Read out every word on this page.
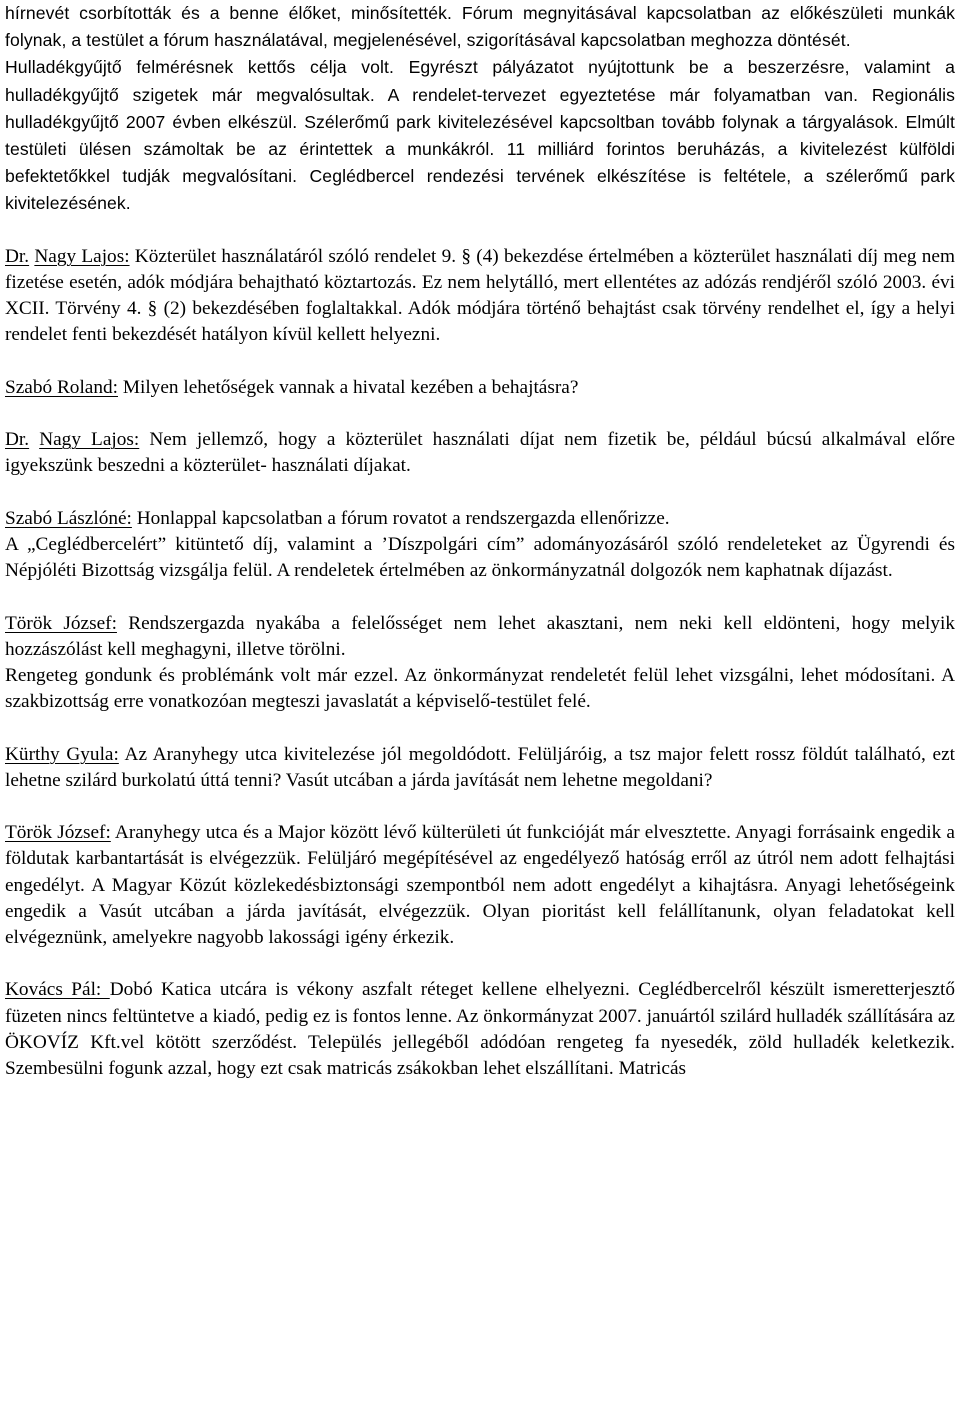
hírnevét csorbították és a benne élőket, minősítették. Fórum megnyitásával kapcsolatban az előkészületi munkák folynak, a testület a fórum használatával, megjelenésével, szigorításával kapcsolatban meghozza döntését.

Hulladékgyűjtő felmérésnek kettős célja volt. Egyrészt pályázatot nyújtottunk be a beszerzésre, valamint a hulladékgyűjtő szigetek már megvalósultak. A rendelet-tervezet egyeztetése már folyamatban van. Regionális hulladékgyűjtő 2007 évben elkészül. Szélerőmű park kivitelezésével kapcsoltban tovább folynak a tárgyalások. Elmúlt testületi ülésen számoltak be az érintettek a munkákról. 11 milliárd forintos beruházás, a kivitelezést külföldi befektetőkkel tudják megvalósítani. Ceglédbercel rendezési tervének elkészítése is feltétele, a szélerőmű park kivitelezésének.

Dr. Nagy Lajos: Közterület használatáról szóló rendelet 9. § (4) bekezdése értelmében a közterület használati díj meg nem fizetése esetén, adók módjára behajtható köztartozás. Ez nem helytálló, mert ellentétes az adózás rendjéről szóló 2003. évi XCII. Törvény 4. § (2) bekezdésében foglaltakkal. Adók módjára történő behajtást csak törvény rendelhet el, így a helyi rendelet fenti bekezdését hatályon kívül kellett helyezni.

Szabó Roland: Milyen lehetőségek vannak a hivatal kezében a behajtásra?

Dr. Nagy Lajos: Nem jellemző, hogy a közterület használati díjat nem fizetik be, például búcsú alkalmával előre igyekszünk beszedni a közterület- használati díjakat.

Szabó Lászlóné: Honlappal kapcsolatban a fórum rovatot a rendszergazda ellenőrizze.

A „Ceglédbercelért” kitüntető díj, valamint a ’Díszpolgári cím” adományozásáról szóló rendeleteket az Ügyrendi és Népjóléti Bizottság vizsgálja felül. A rendeletek értelmében az önkormányzatnál dolgozók nem kaphatnak díjazást.

Török József: Rendszergazda nyakába a felelősséget nem lehet akasztani, nem neki kell eldönteni, hogy melyik hozzászólást kell meghagyni, illetve törölni.

Rengeteg gondunk és problémánk volt már ezzel. Az önkormányzat rendeletét felül lehet vizsgálni, lehet módosítani. A szakbizottság erre vonatkozóan megteszi javaslatát a képviselő-testület felé.

Kürthy Gyula: Az Aranyhegy utca kivitelezése jól megoldódott. Felüljáróig, a tsz major felett rossz földút található, ezt lehetne szilárd burkolatú úttá tenni? Vasút utcában a járda javítását nem lehetne megoldani?

Török József: Aranyhegy utca és a Major között lévő külterületi út funkcióját már elvesztette. Anyagi forrásaink engedik a földutak karbantartását is elvégezzük. Felüljáró megépítésével az engedélyező hatóság erről az útról nem adott felhajtási engedélyt. A Magyar Közút közlekedésbiztonsági szempontból nem adott engedélyt a kihajtásra. Anyagi lehetőségeink engedik a Vasút utcában a járda javítását, elvégezzük. Olyan pioritást kell felállítanunk, olyan feladatokat kell elvégeznünk, amelyekre nagyobb lakossági igény érkezik.

Kovács Pál: Dobó Katica utcára is vékony aszfalt réteget kellene elhelyezni. Ceglédbercelről készült ismeretterjesztő füzeten nincs feltüntetve a kiadó, pedig ez is fontos lenne. Az önkormányzat 2007. januártól szilárd hulladék szállítására az ÖKOVÍZ Kft.vel kötött szerződést. Település jellegéből adódóan rengeteg fa nyesedék, zöld hulladék keletkezik. Szembesülni fogunk azzal, hogy ezt csak matricás zsákokban lehet elszállítani. Matricás
